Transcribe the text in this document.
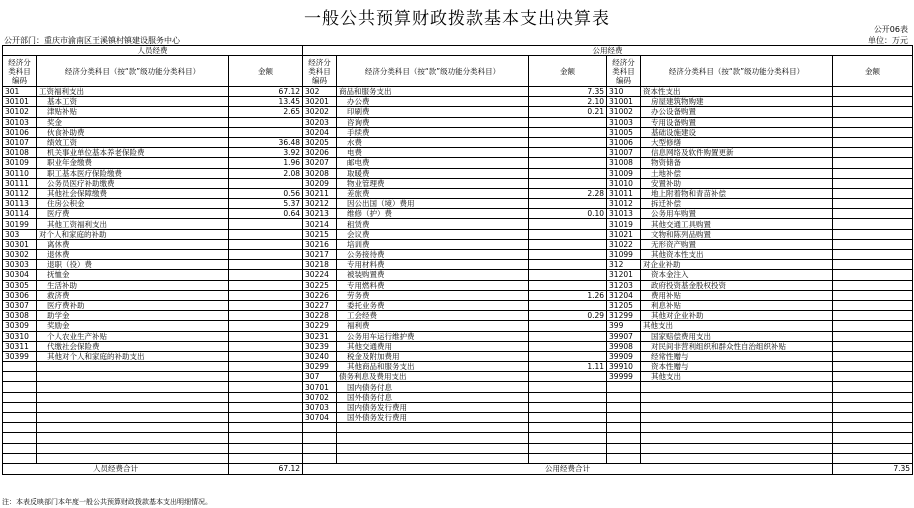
一般公共预算财政拨款基本支出决算表
公开06表
公开部门：重庆市渝南区王溪镇村镇建设服务中心	单位：万元
人员经费			公用经费					
经济分类科目编码	经济分类科目（按“款”级功能分类科目）	金额	经济分类科目编码	经济分类科目（按“款”级功能分类科目）	金额	经济分类科目编码	经济分类科目（按“款”级功能分类科目）	金额
301	工资福利支出	67.12	302	商品和服务支出	7.35	310	资本性支出	
30101	基本工资	13.45	30201	办公费	2.10	31001	房屋建筑物购建	
30102	津贴补贴	2.65	30202	印刷费	0.21	31002	办公设备购置	
30103	奖金		30203	咨询费		31003	专用设备购置	
30106	伙食补助费		30204	手续费		31005	基础设施建设	
30107	绩效工资	36.48	30205	水费		31006	大型修缮	
30108	机关事业单位基本养老保险费	3.92	30206	电费		31007	信息网络及软件购置更新	
30109	职业年金缴费	1.96	30207	邮电费		31008	物资储备	
30110	职工基本医疗保险缴费	2.08	30208	取暖费		31009	土地补偿	
30111	公务员医疗补助缴费		30209	物业管理费		31010	安置补助	
30112	其他社会保障缴费	0.56	30211	差旅费	2.28	31011	地上附着物和青苗补偿	
30113	住房公积金	5.37	30212	因公出国（境）费用		31012	拆迁补偿	
30114	医疗费	0.64	30213	维修（护）费	0.10	31013	公务用车购置	
30199	其他工资福利支出		30214	租赁费		31019	其他交通工具购置	
303	对个人和家庭的补助		30215	会议费		31021	文物和陈列品购置	
30301	离休费		30216	培训费		31022	无形资产购置	
30302	退休费		30217	公务接待费		31099	其他资本性支出	
30303	退职（役）费		30218	专用材料费		312	对企业补助	
30304	抚恤金		30224	被装购置费		31201	资本金注入	
30305	生活补助		30225	专用燃料费		31203	政府投资基金股权投资	
30306	救济费		30226	劳务费	1.26	31204	费用补贴	
30307	医疗费补助		30227	委托业务费		31205	利息补贴	
30308	助学金		30228	工会经费	0.29	31299	其他对企业补助	
30309	奖励金		30229	福利费		399	其他支出	
30310	个人农业生产补贴		30231	公务用车运行维护费		39907	国家赔偿费用支出	
30311	代缴社会保险费		30239	其他交通费用		39908	对民间非营利组织和群众性自治组织补贴	
30399	其他对个人和家庭的补助支出		30240	税金及附加费用		39909	经常性赠与	
			30299	其他商品和服务支出	1.11	39910	资本性赠与	
			307	债务利息及费用支出		39999	其他支出	
			30701	国内债务付息				
			30702	国外债务付息				
			30703	国内债务发行费用				
			30704	国外债务发行费用				

人员经费合计		67.12	公用经费合计					7.35
注：本表反映部门本年度一般公共预算财政拨款基本支出明细情况。
